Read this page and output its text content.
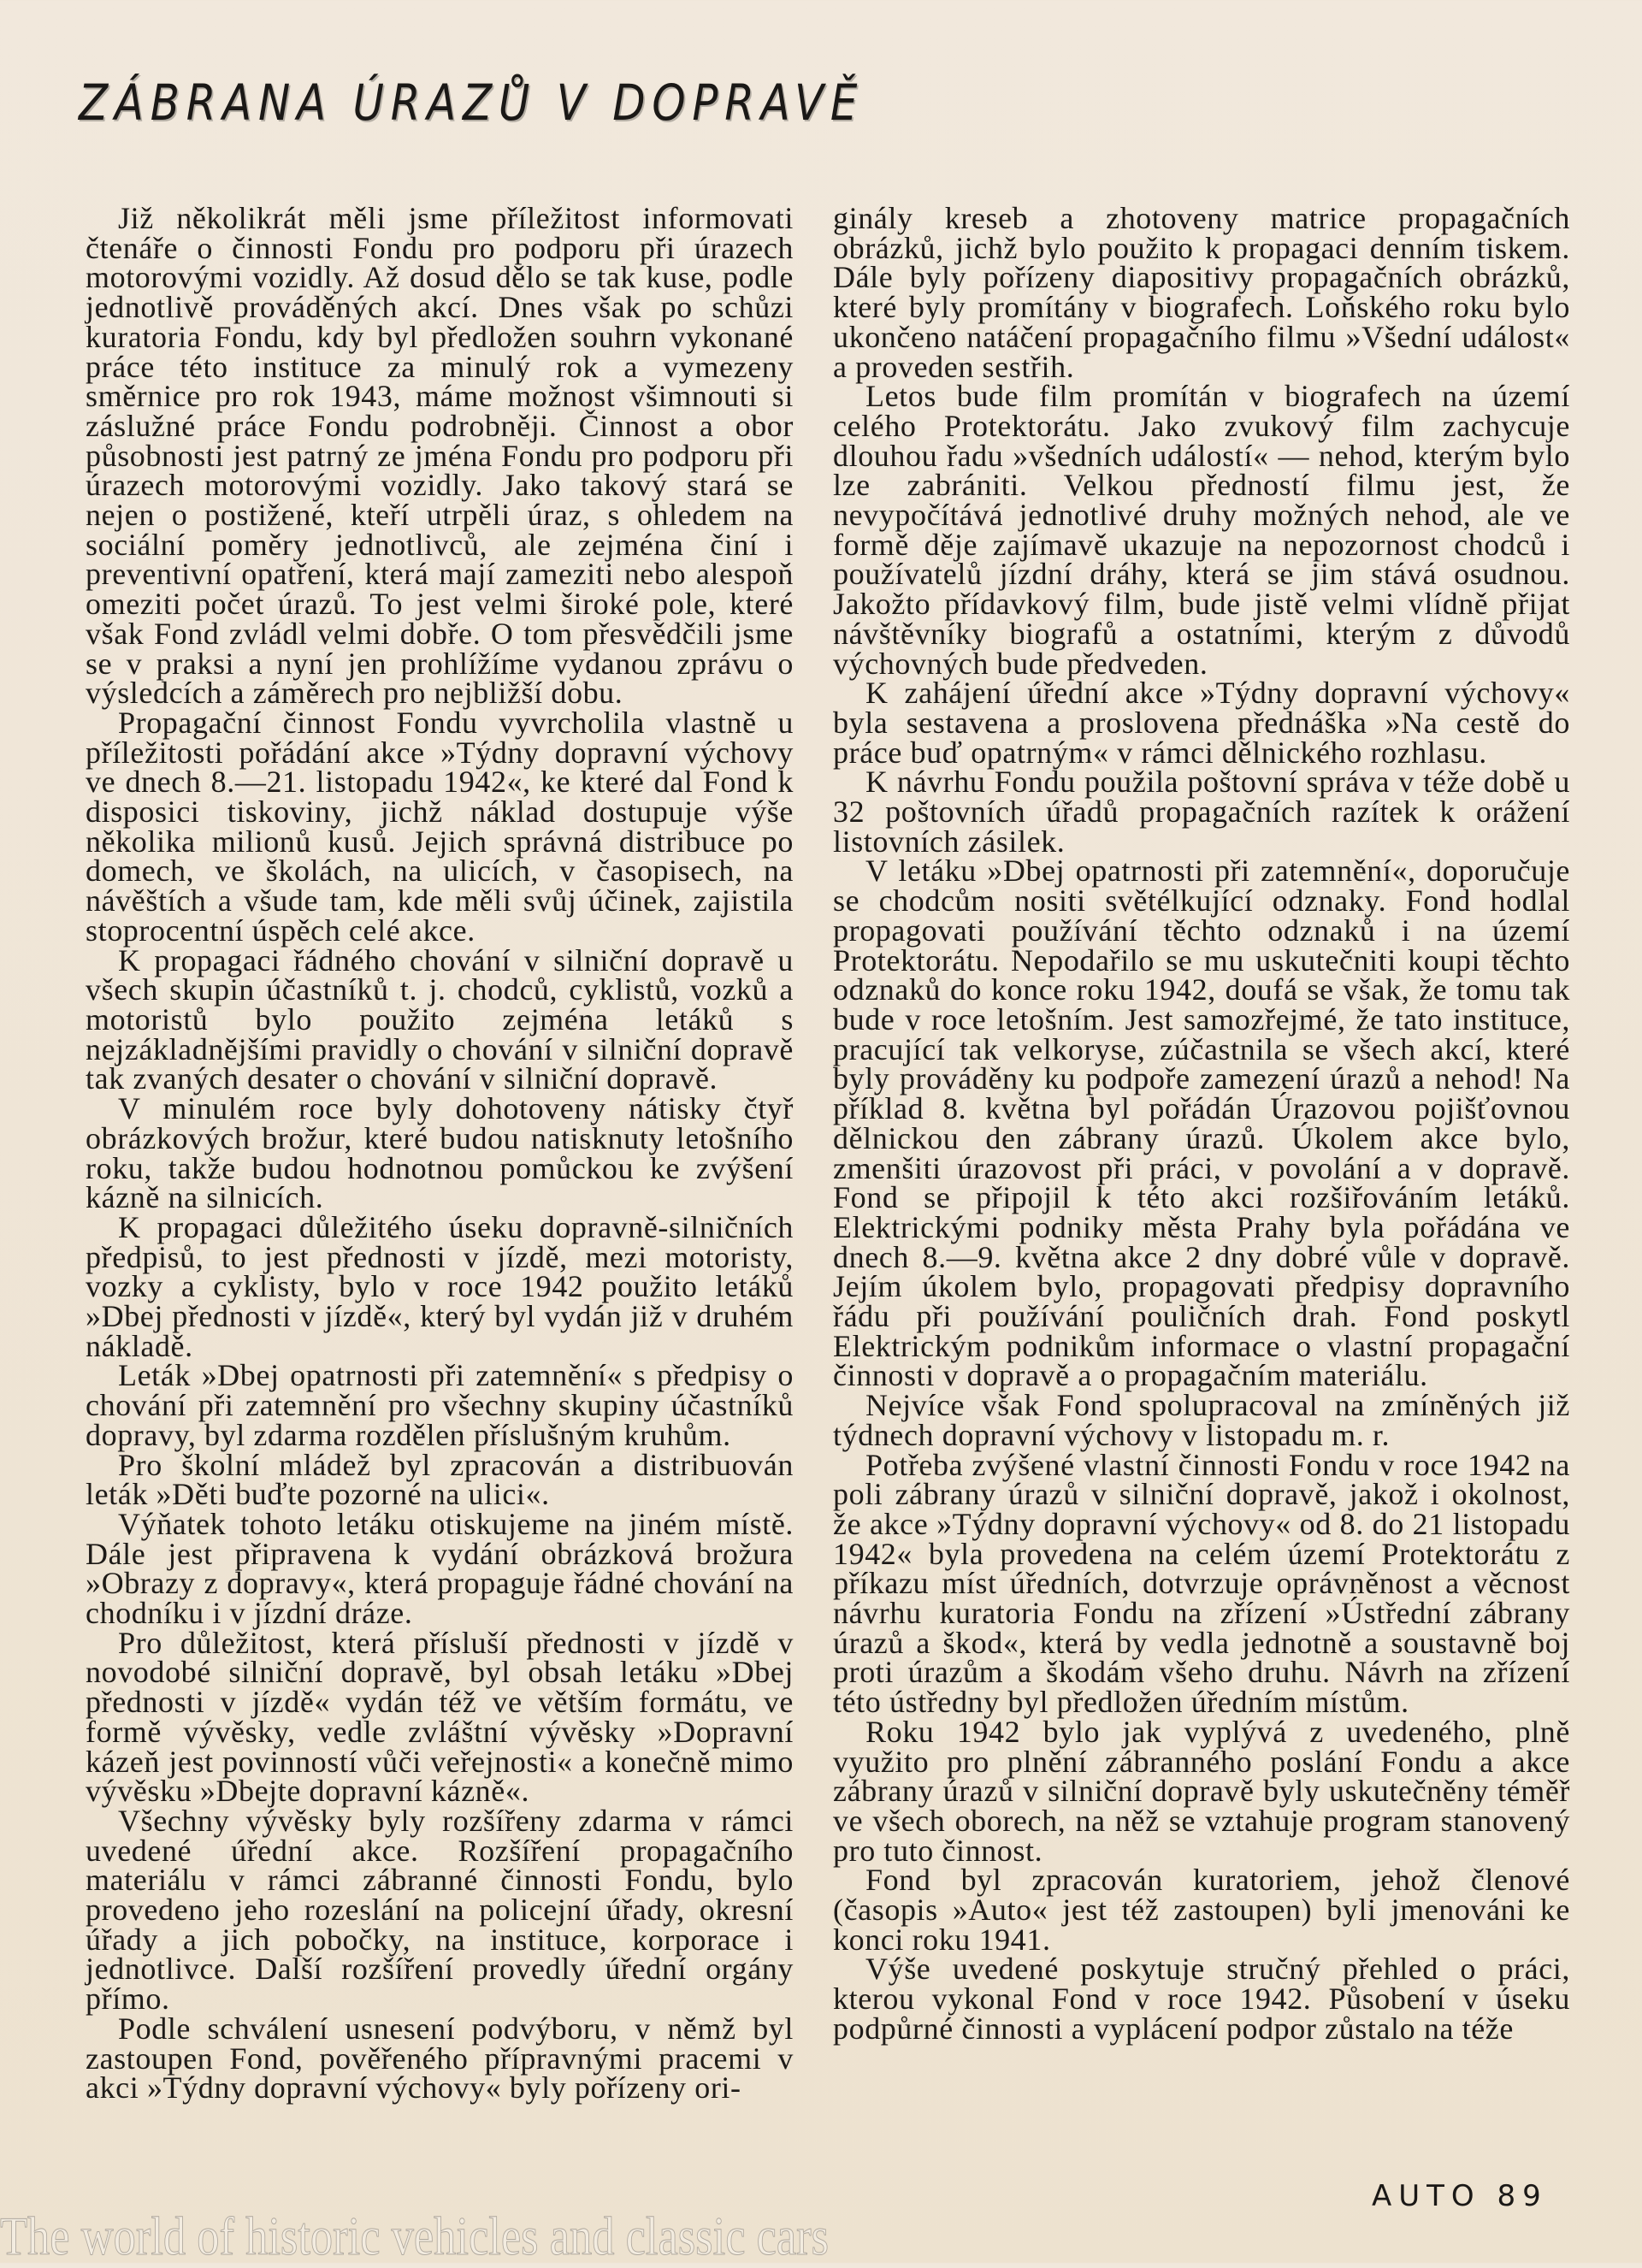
ZÁBRANA ÚRAZŮ V DOPRAVĚ

Již několikrát měli jsme příležitost informovati čtenáře o činnosti Fondu pro podporu při úrazech motorovými vozidly. Až dosud dělo se tak kuse, podle jednotlivě prováděných akcí. Dnes však po schůzi kuratoria Fondu, kdy byl předložen souhrn vykonané práce této instituce za minulý rok a vymezeny směrnice pro rok 1943, máme možnost všimnouti si záslužné práce Fondu podrobněji. Činnost a obor působnosti jest patrný ze jména Fondu pro podporu při úrazech motorovými vozidly. Jako takový stará se nejen o postižené, kteří utrpěli úraz, s ohledem na sociální poměry jednotlivců, ale zejména činí i preventivní opatření, která mají zameziti nebo alespoň omeziti počet úrazů. To jest velmi široké pole, které však Fond zvládl velmi dobře. O tom přesvědčili jsme se v praksi a nyní jen prohlížíme vydanou zprávu o výsledcích a záměrech pro nejbližší dobu.

Propagační činnost Fondu vyvrcholila vlastně u příležitosti pořádání akce »Týdny dopravní výchovy ve dnech 8.—21. listopadu 1942«, ke které dal Fond k disposici tiskoviny, jichž náklad dostupuje výše několika milionů kusů. Jejich správná distribuce po domech, ve školách, na ulicích, v časopisech, na návěštích a všude tam, kde měli svůj účinek, zajistila stoprocentní úspěch celé akce.

K propagaci řádného chování v silniční dopravě u všech skupin účastníků t. j. chodců, cyklistů, vozků a motoristů bylo použito zejména letáků s nejzákladnějšími pravidly o chování v silniční dopravě tak zvaných desater o chování v silniční dopravě.

V minulém roce byly dohotoveny nátisky čtyř obrázkových brožur, které budou natisknuty letošního roku, takže budou hodnotnou pomůckou ke zvýšení kázně na silnicích.

K propagaci důležitého úseku dopravně-silničních předpisů, to jest přednosti v jízdě, mezi motoristy, vozky a cyklisty, bylo v roce 1942 použito letáků »Dbej přednosti v jízdě«, který byl vydán již v druhém nákladě.

Leták »Dbej opatrnosti při zatemnění« s předpisy o chování při zatemnění pro všechny skupiny účastníků dopravy, byl zdarma rozdělen příslušným kruhům.

Pro školní mládež byl zpracován a distribuován leták »Děti buďte pozorné na ulici«.

Výňatek tohoto letáku otiskujeme na jiném místě. Dále jest připravena k vydání obrázková brožura »Obrazy z dopravy«, která propaguje řádné chování na chodníku i v jízdní dráze.

Pro důležitost, která přísluší přednosti v jízdě v novodobé silniční dopravě, byl obsah letáku »Dbej přednosti v jízdě« vydán též ve větším formátu, ve formě vývěsky, vedle zvláštní vývěsky »Dopravní kázeň jest povinností vůči veřejnosti« a konečně mimo vývěsku »Dbejte dopravní kázně«.

Všechny vývěsky byly rozšířeny zdarma v rámci uvedené úřední akce. Rozšíření propagačního materiálu v rámci zábranné činnosti Fondu, bylo provedeno jeho rozeslání na policejní úřady, okresní úřady a jich pobočky, na instituce, korporace i jednotlivce. Další rozšíření provedly úřední orgány přímo.

Podle schválení usnesení podvýboru, v němž byl zastoupen Fond, pověřeného přípravnými pracemi v akci »Týdny dopravní výchovy« byly pořízeny ori-

ginály kreseb a zhotoveny matrice propagačních obrázků, jichž bylo použito k propagaci denním tiskem. Dále byly pořízeny diapositivy propagačních obrázků, které byly promítány v biografech. Loňského roku bylo ukončeno natáčení propagačního filmu »Všední událost« a proveden sestřih.

Letos bude film promítán v biografech na území celého Protektorátu. Jako zvukový film zachycuje dlouhou řadu »všedních událostí« — nehod, kterým bylo lze zabrániti. Velkou předností filmu jest, že nevypočítává jednotlivé druhy možných nehod, ale ve formě děje zajímavě ukazuje na nepozornost chodců i používatelů jízdní dráhy, která se jim stává osudnou. Jakožto přídavkový film, bude jistě velmi vlídně přijat návštěvníky biografů a ostatními, kterým z důvodů výchovných bude předveden.

K zahájení úřední akce »Týdny dopravní výchovy« byla sestavena a proslovena přednáška »Na cestě do práce buď opatrným« v rámci dělnického rozhlasu.

K návrhu Fondu použila poštovní správa v téže době u 32 poštovních úřadů propagačních razítek k orážení listovních zásilek.

V letáku »Dbej opatrnosti při zatemnění«, doporučuje se chodcům nositi světélkující odznaky. Fond hodlal propagovati používání těchto odznaků i na území Protektorátu. Nepodařilo se mu uskutečniti koupi těchto odznaků do konce roku 1942, doufá se však, že tomu tak bude v roce letošním. Jest samozřejmé, že tato instituce, pracující tak velkoryse, zúčastnila se všech akcí, které byly prováděny ku podpoře zamezení úrazů a nehod! Na příklad 8. května byl pořádán Úrazovou pojišťovnou dělnickou den zábrany úrazů. Úkolem akce bylo, zmenšiti úrazovost při práci, v povolání a v dopravě. Fond se připojil k této akci rozšiřováním letáků. Elektrickými podniky města Prahy byla pořádána ve dnech 8.—9. května akce 2 dny dobré vůle v dopravě. Jejím úkolem bylo, propagovati předpisy dopravního řádu při používání pouličních drah. Fond poskytl Elektrickým podnikům informace o vlastní propagační činnosti v dopravě a o propagačním materiálu.

Nejvíce však Fond spolupracoval na zmíněných již týdnech dopravní výchovy v listopadu m. r.

Potřeba zvýšené vlastní činnosti Fondu v roce 1942 na poli zábrany úrazů v silniční dopravě, jakož i okolnost, že akce »Týdny dopravní výchovy« od 8. do 21 listopadu 1942« byla provedena na celém území Protektorátu z příkazu míst úředních, dotvrzuje oprávněnost a věcnost návrhu kuratoria Fondu na zřízení »Ústřední zábrany úrazů a škod«, která by vedla jednotně a soustavně boj proti úrazům a škodám všeho druhu. Návrh na zřízení této ústředny byl předložen úředním místům.

Roku 1942 bylo jak vyplývá z uvedeného, plně využito pro plnění zábranného poslání Fondu a akce zábrany úrazů v silniční dopravě byly uskutečněny téměř ve všech oborech, na něž se vztahuje program stanovený pro tuto činnost.

Fond byl zpracován kuratoriem, jehož členové (časopis »Auto« jest též zastoupen) byli jmenováni ke konci roku 1941.

Výše uvedené poskytuje stručný přehled o práci, kterou vykonal Fond v roce 1942. Působení v úseku podpůrné činnosti a vyplácení podpor zůstalo na téže

AUTO 89
The world of historic vehicles and classic cars
